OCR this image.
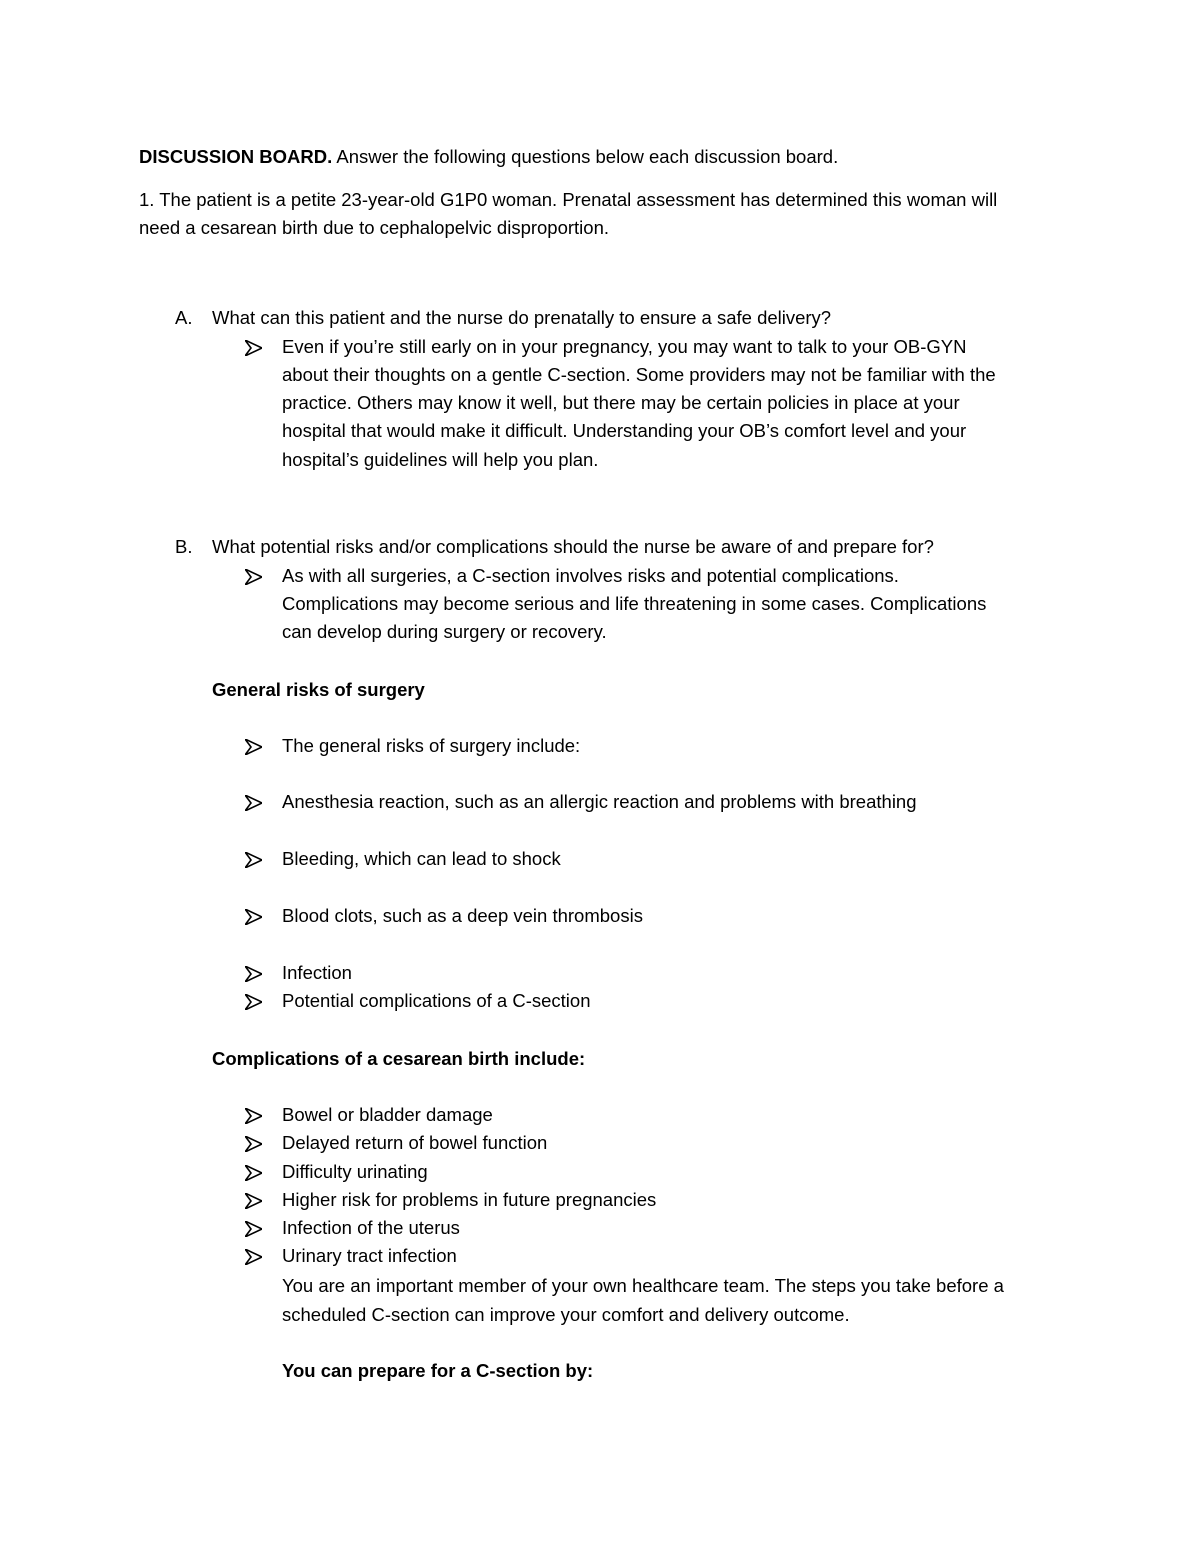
DISCUSSION BOARD. Answer the following questions below each discussion board.
1. The patient is a petite 23-year-old G1P0 woman. Prenatal assessment has determined this woman will
need a cesarean birth due to cephalopelvic disproportion.
A. What can this patient and the nurse do prenatally to ensure a safe delivery?
Even if you’re still early on in your pregnancy, you may want to talk to your OB-GYN
about their thoughts on a gentle C-section. Some providers may not be familiar with the
practice. Others may know it well, but there may be certain policies in place at your
hospital that would make it difficult. Understanding your OB’s comfort level and your
hospital’s guidelines will help you plan.
B. What potential risks and/or complications should the nurse be aware of and prepare for?
As with all surgeries, a C-section involves risks and potential complications.
Complications may become serious and life threatening in some cases. Complications
can develop during surgery or recovery.
General risks of surgery
The general risks of surgery include:
Anesthesia reaction, such as an allergic reaction and problems with breathing
Bleeding, which can lead to shock
Blood clots, such as a deep vein thrombosis
Infection
Potential complications of a C-section
Complications of a cesarean birth include:
Bowel or bladder damage
Delayed return of bowel function
Difficulty urinating
Higher risk for problems in future pregnancies
Infection of the uterus
Urinary tract infection
You are an important member of your own healthcare team. The steps you take before a
scheduled C-section can improve your comfort and delivery outcome.
You can prepare for a C-section by:
